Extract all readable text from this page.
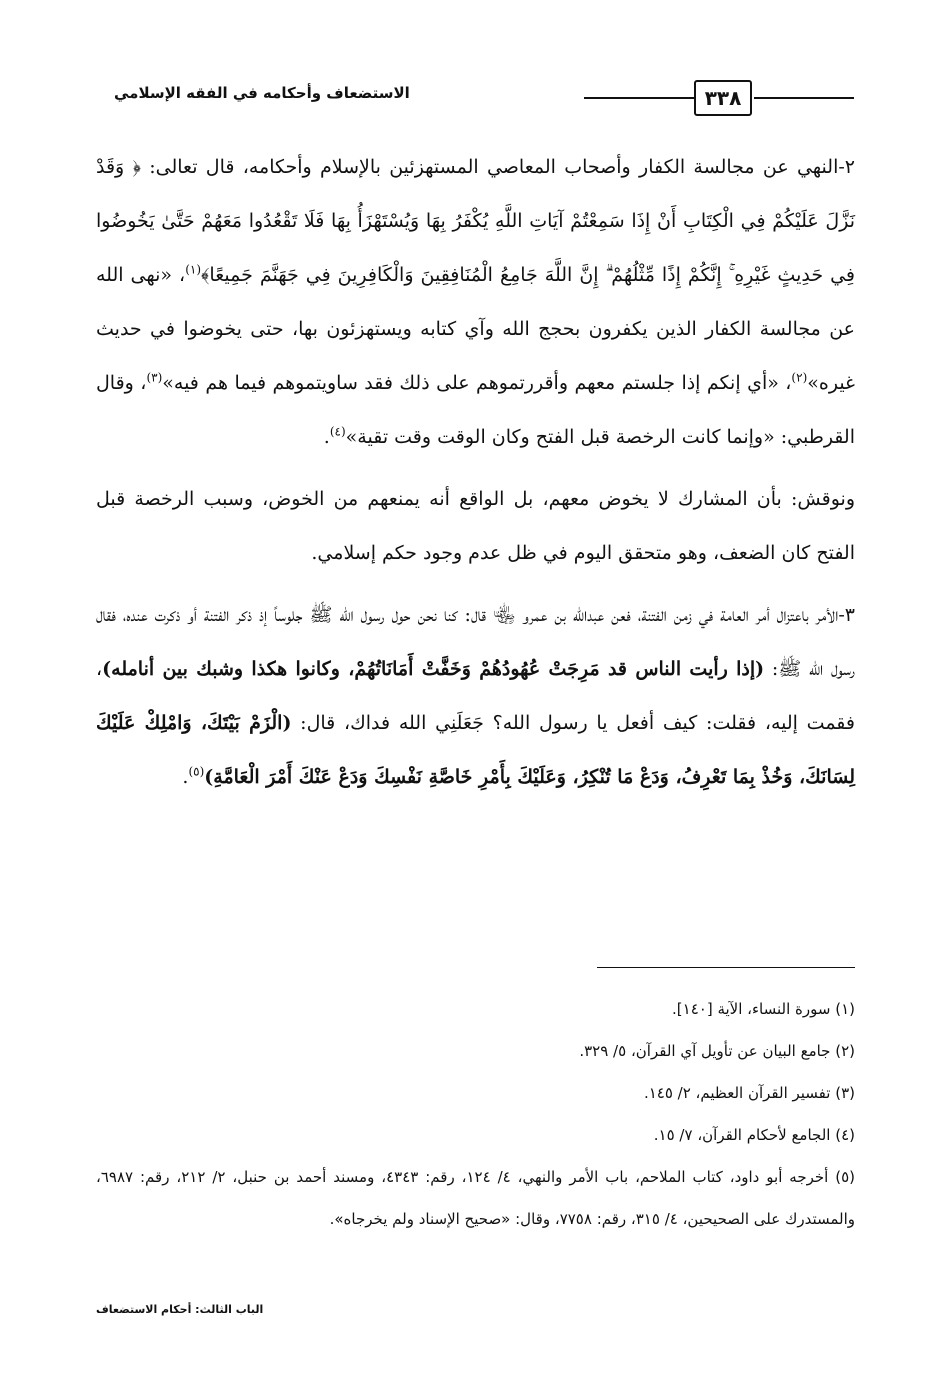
٣٣٨
الاستضعاف وأحكامه في الفقه الإسلامي

٢-النهي عن مجالسة الكفار وأصحاب المعاصي المستهزئين بالإسلام وأحكامه، قال تعالى: ﴿ وَقَدْ نَزَّلَ عَلَيْكُمْ فِي الْكِتَابِ أَنْ إِذَا سَمِعْتُمْ آيَاتِ اللَّهِ يُكْفَرُ بِهَا وَيُسْتَهْزَأُ بِهَا فَلَا تَقْعُدُوا مَعَهُمْ حَتَّىٰ يَخُوضُوا فِي حَدِيثٍ غَيْرِهِ ۚ إِنَّكُمْ إِذًا مِّثْلُهُمْ ۗ إِنَّ اللَّهَ جَامِعُ الْمُنَافِقِينَ وَالْكَافِرِينَ فِي جَهَنَّمَ جَمِيعًا﴾$^{(١)}$، «نهى الله عن مجالسة الكفار الذين يكفرون بحجج الله وآي كتابه ويستهزئون بها، حتى يخوضوا في حديث غيره»$^{(٢)}$، «أي إنكم إذا جلستم معهم وأقررتموهم على ذلك فقد ساويتموهم فيما هم فيه»$^{(٣)}$، وقال القرطبي: «وإنما كانت الرخصة قبل الفتح وكان الوقت وقت تقية»$^{(٤)}$.

ونوقش: بأن المشارك لا يخوض معهم، بل الواقع أنه يمنعهم من الخوض، وسبب الرخصة قبل الفتح كان الضعف، وهو متحقق اليوم في ظل عدم وجود حكم إسلامي.

٣-الأمر باعتزال أمر العامة في زمن الفتنة، فعن عبدالله بن عمرو ﵄ قال: كنا نحن حول رسول الله ﷺ جلوساً إذ ذكر الفتنة أو ذكرت عنده، فقال رسول الله ﷺ: (إذا رأيت الناس قد مَرِجَتْ عُهُودُهُمْ وَخَفَّتْ أَمَانَاتُهُمْ، وكانوا هكذا وشبك بين أنامله)، فقمت إليه، فقلت: كيف أفعل يا رسول الله؟ جَعَلَنِي الله فداك، قال: (الْزَمْ بَيْتَكَ، وَامْلِكْ عَلَيْكَ لِسَانَكَ، وَخُذْ بِمَا تَعْرِفُ، وَدَعْ مَا تُنْكِرُ، وَعَلَيْكَ بِأَمْرِ خَاصَّةِ نَفْسِكَ وَدَعْ عَنْكَ أَمْرَ الْعَامَّةِ)$^{(٥)}$.

(١) سورة النساء، الآية [١٤٠].

(٢) جامع البيان عن تأويل آي القرآن، ٥/ ٣٢٩.

(٣) تفسير القرآن العظيم، ٢/ ١٤٥.

(٤) الجامع لأحكام القرآن، ٧/ ١٥.

(٥) أخرجه أبو داود، كتاب الملاحم، باب الأمر والنهي، ٤/ ١٢٤، رقم: ٤٣٤٣، ومسند أحمد بن حنبل، ٢/ ٢١٢، رقم: ٦٩٨٧، والمستدرك على الصحيحين، ٤/ ٣١٥، رقم: ٧٧٥٨، وقال: «صحيح الإسناد ولم يخرجاه».

الباب الثالث: أحكام الاستضعاف
